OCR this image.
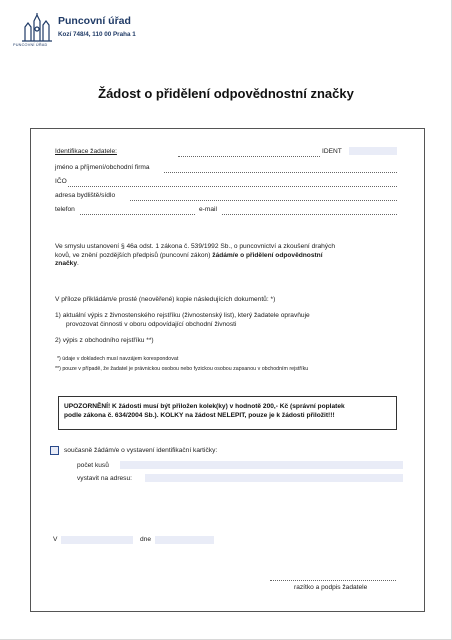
PUNCOVNÍ ÚŘAD
Puncovní úřad
Kozí 748/4, 110 00 Praha 1
Žádost o přidělení odpovědnostní značky
Identifikace žadatele:	IDENT
jméno a příjmení/obchodní firma
IČO
adresa bydliště/sídlo
telefon	e-mail
Ve smyslu ustanovení § 46a odst. 1 zákona č. 539/1992 Sb., o puncovnictví a zkoušení drahých
kovů, ve znění pozdějších předpisů (puncovní zákon) žádám/e o přidělení odpovědnostní
značky.
V příloze přikládám/e prosté (neověřené) kopie následujících dokumentů: *)
1) aktuální výpis z živnostenského rejstříku (živnostenský list), který žadatele opravňuje
provozovat činnosti v oboru odpovídající obchodní živnosti
2) výpis z obchodního rejstříku **)
*) údaje v dokladech musí navzájem korespondovat
**) pouze v případě, že žadatel je právnickou osobou nebo fyzickou osobou zapsanou v obchodním rejstříku
UPOZORNĚNÍ! K žádosti musí být přiložen kolek(ky) v hodnotě 200,- Kč (správní poplatek
podle zákona č. 634/2004 Sb.). KOLKY na žádost NELEPIT, pouze je k žádosti přiložit!!!
současně žádám/e o vystavení identifikační kartičky:
počet kusů
vystavit na adresu:
V	dne
razítko a podpis žadatele
